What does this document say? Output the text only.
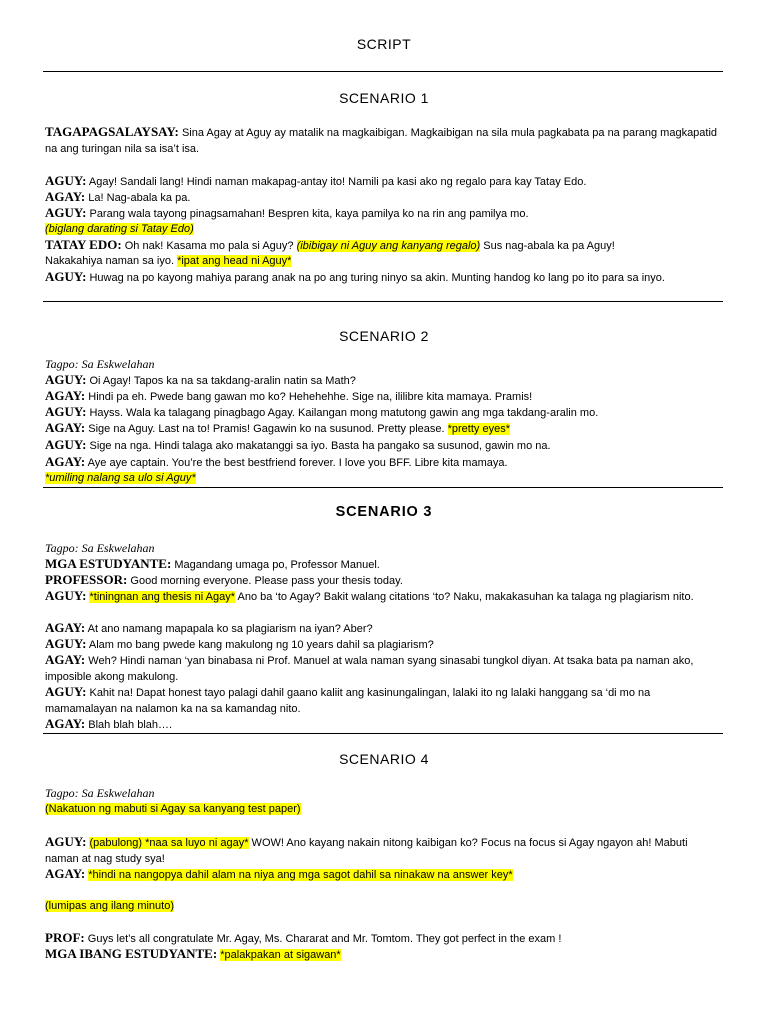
SCRIPT
SCENARIO 1
TAGAPAGSALAYSAY: Sina Agay at Aguy ay matalik na magkaibigan. Magkaibigan na sila mula pagkabata pa na parang magkapatid na ang turingan nila sa isa’t isa.
AGUY: Agay! Sandali lang! Hindi naman makapag-antay ito! Namili pa kasi ako ng regalo para kay Tatay Edo.
AGAY: La! Nag-abala ka pa.
AGUY: Parang wala tayong pinagsamahan! Bespren kita, kaya pamilya ko na rin ang pamilya mo.
(biglang darating si Tatay Edo)
TATAY EDO: Oh nak! Kasama mo pala si Aguy? (ibibigay ni Aguy ang kanyang regalo) Sus nag-abala ka pa Aguy!
Nakakahiya naman sa iyo. *ipat ang head ni Aguy*
AGUY: Huwag na po kayong mahiya parang anak na po ang turing ninyo sa akin. Munting handog ko lang po ito para sa inyo.
SCENARIO 2
Tagpo: Sa Eskwelahan
AGUY: Oi Agay! Tapos ka na sa takdang-aralin natin sa Math?
AGAY: Hindi pa eh. Pwede bang gawan mo ko? Hehehehhe. Sige na, ililibre kita mamaya. Pramis!
AGUY: Hayss. Wala ka talagang pinagbago Agay. Kailangan mong matutong gawin ang mga takdang-aralin mo.
AGAY: Sige na Aguy. Last na to! Pramis! Gagawin ko na susunod. Pretty please. *pretty eyes*
AGUY: Sige na nga. Hindi talaga ako makatanggi sa iyo. Basta ha pangako sa susunod, gawin mo na.
AGAY: Aye aye captain. You’re the best bestfriend forever. I love you BFF. Libre kita mamaya.
*umiling nalang sa ulo si Aguy*
SCENARIO 3
Tagpo: Sa Eskwelahan
MGA ESTUDYANTE: Magandang umaga po, Professor Manuel.
PROFESSOR: Good morning everyone. Please pass your thesis today.
AGUY: *tiningnan ang thesis ni Agay* Ano ba ‘to Agay? Bakit walang citations ‘to? Naku, makakasuhan ka talaga ng plagiarism nito.
AGAY: At ano namang mapapala ko sa plagiarism na iyan? Aber?
AGUY: Alam mo bang pwede kang makulong ng 10 years dahil sa plagiarism?
AGAY: Weh? Hindi naman ‘yan binabasa ni Prof. Manuel at wala naman syang sinasabi tungkol diyan. At tsaka bata pa naman ako, imposible akong makulong.
AGUY: Kahit na! Dapat honest tayo palagi dahil gaano kaliit ang kasinungalingan, lalaki ito ng lalaki hanggang sa ‘di mo na mamamalayan na nalamon ka na sa kamandag nito.
AGAY: Blah blah blah….
SCENARIO 4
Tagpo: Sa Eskwelahan
(Nakatuon ng mabuti si Agay sa kanyang test paper)
AGUY: (pabulong) *naa sa luyo ni agay* WOW! Ano kayang nakain nitong kaibigan ko? Focus na focus si Agay ngayon ah! Mabuti naman at nag study sya!
AGAY: *hindi na nangopya dahil alam na niya ang mga sagot dahil sa ninakaw na answer key*
(lumipas ang ilang minuto)
PROF: Guys let’s all congratulate Mr. Agay, Ms. Chararat and Mr. Tomtom. They got perfect in the exam !
MGA IBANG ESTUDYANTE: *palakpakan at sigawan*
